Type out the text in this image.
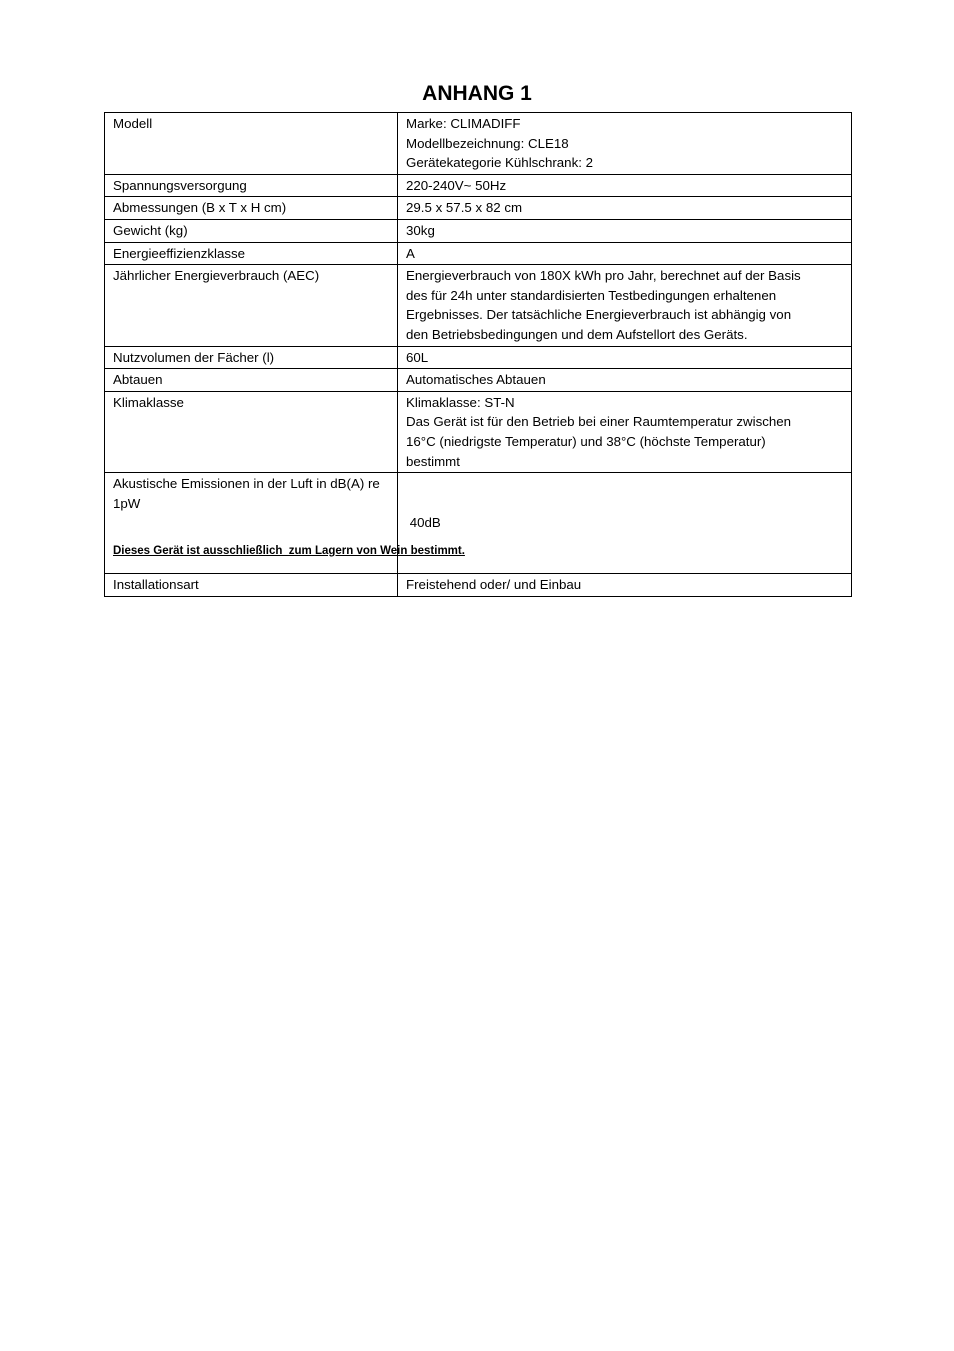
ANHANG 1
Modell	Marke: CLIMADIFF
Modellbezeichnung: CLE18
Gerätekategorie Kühlschrank: 2

Spannungsversorgung	220-240V~ 50Hz

Abmessungen (B x T x H cm)	29.5 x 57.5 x 82 cm

Gewicht (kg)	30kg

Energieeffizienzklasse	A

Jährlicher Energieverbrauch (AEC)	Energieverbrauch von 180X kWh pro Jahr, berechnet auf der Basis
des für 24h unter standardisierten Testbedingungen erhaltenen
Ergebnisses. Der tatsächliche Energieverbrauch ist abhängig von
den Betriebsbedingungen und dem Aufstellort des Geräts.

Nutzvolumen der Fächer (l)	60L

Abtauen	Automatisches Abtauen

Klimaklasse	Klimaklasse: ST-N
Das Gerät ist für den Betrieb bei einer Raumtemperatur zwischen
16°C (niedrigste Temperatur) und 38°C (höchste Temperatur)
bestimmt

Akustische Emissionen in der Luft in dB(A) re 1pW	40dB

Installationsart	Freistehend oder/ und Einbau

Dieses Gerät ist ausschließlich  zum Lagern von Wein bestimmt.
